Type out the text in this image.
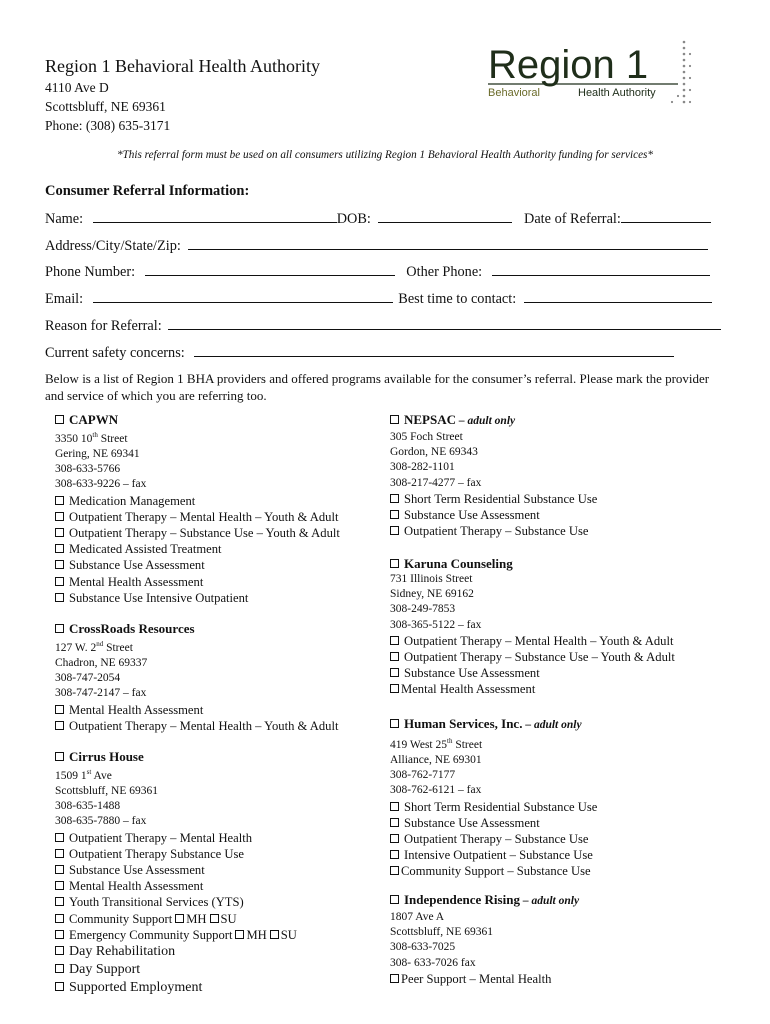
Region 1 Behavioral Health Authority
4110 Ave D
Scottsbluff, NE 69361
Phone: (308) 635-3171
Region 1
Behavioral	Health Authority
*This referral form must be used on all consumers utilizing Region 1 Behavioral Health Authority funding for services*
Consumer Referral Information:
Name:	DOB:	Date of Referral:
Address/City/State/Zip:
Phone Number:	Other Phone:
Email:	Best time to contact:
Reason for Referral:
Current safety concerns:
Below is a list of Region 1 BHA providers and offered programs available for the consumer’s referral. Please mark the provider and service of which you are referring too.
CAPWN
3350 10th Street
Gering, NE 69341
308-633-5766
308-633-9226 – fax
Medication Management
Outpatient Therapy – Mental Health – Youth & Adult
Outpatient Therapy – Substance Use – Youth & Adult
Medicated Assisted Treatment
Substance Use Assessment
Mental Health Assessment
Substance Use Intensive Outpatient
CrossRoads Resources
127 W. 2nd Street
Chadron, NE 69337
308-747-2054
308-747-2147 – fax
Mental Health Assessment
Outpatient Therapy – Mental Health – Youth & Adult
Cirrus House
1509 1st Ave
Scottsbluff, NE 69361
308-635-1488
308-635-7880 – fax
Outpatient Therapy – Mental Health
Outpatient Therapy Substance Use
Substance Use Assessment
Mental Health Assessment
Youth Transitional Services (YTS)
Community Support MH SU
Emergency Community Support MH SU
Day Rehabilitation
Day Support
Supported Employment
NEPSAC – adult only
305 Foch Street
Gordon, NE 69343
308-282-1101
308-217-4277 – fax
Short Term Residential Substance Use
Substance Use Assessment
Outpatient Therapy – Substance Use
Karuna Counseling
731 Illinois Street
Sidney, NE 69162
308-249-7853
308-365-5122 – fax
Outpatient Therapy – Mental Health – Youth & Adult
Outpatient Therapy – Substance Use – Youth & Adult
Substance Use Assessment
Mental Health Assessment
Human Services, Inc. – adult only
419 West 25th Street
Alliance, NE 69301
308-762-7177
308-762-6121 – fax
Short Term Residential Substance Use
Substance Use Assessment
Outpatient Therapy – Substance Use
Intensive Outpatient – Substance Use
Community Support – Substance Use
Independence Rising – adult only
1807 Ave A
Scottsbluff, NE 69361
308-633-7025
308- 633-7026 fax
Peer Support – Mental Health
